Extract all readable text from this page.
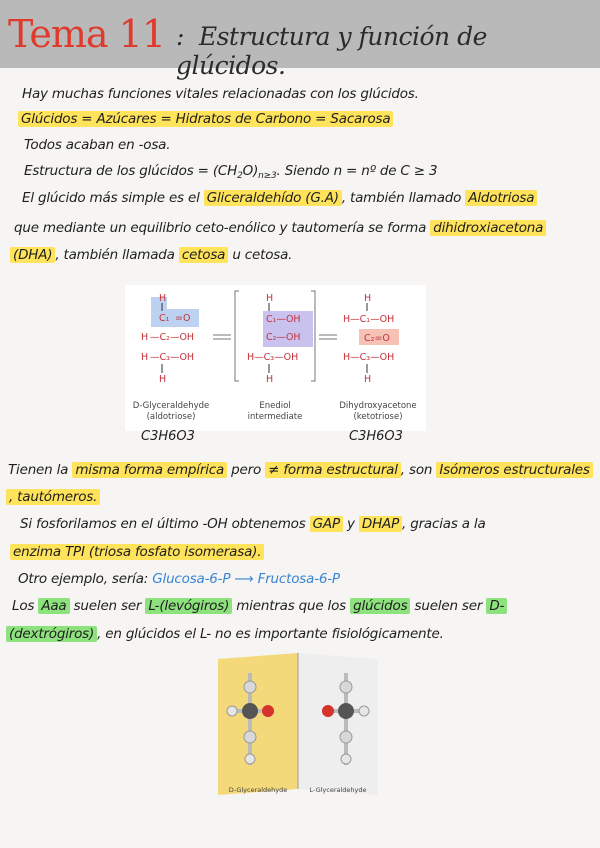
Tema 11 : Estructura y función de glúcidos.
Hay muchas funciones vitales relacionadas con los glúcidos.
Glúcidos = Azúcares = Hidratos de Carbono = Sacarosa
Todos acaban en -osa.
Estructura de los glúcidos = $(CH_2O)_{n\ge 3}$. Siendo n = nº de C ≥ 3
El glúcido más simple es el Gliceraldehído (G.A) , también llamado Aldotriosa
que mediante un equilibrio ceto-enólico y tautomería se forma dihidroxiacetona
(DHA) , también llamada cetosa u cetosa.
H
C₁ =O
H —C₂—OH
H —C₃—OH
H
H
C₁—OH
C₂—OH
H—C₃—OH
H
H
H—C₁—OH
C₂=O
H—C₃—OH
H
D-Glyceraldehyde
(aldotriose)
Enediol
intermediate
Dihydroxyacetone
(ketotriose)
C3H6O3	C3H6O3
Tienen la misma forma empírica pero ≠ forma estructural , son Isómeros estructurales
, tautómeros.
Si fosforilamos en el último -OH obtenemos GAP y DHAP , gracias a la
enzima TPI (triosa fosfato isomerasa).
Otro ejemplo, sería: Glucosa-6-P ⟶ Fructosa-6-P
Los Aaa suelen ser L-(levógiros) mientras que los glúcidos suelen ser D-
(dextrógiros) , en glúcidos el L- no es importante fisiológicamente.
D-Glyceraldehyde	L-Glyceraldehyde
